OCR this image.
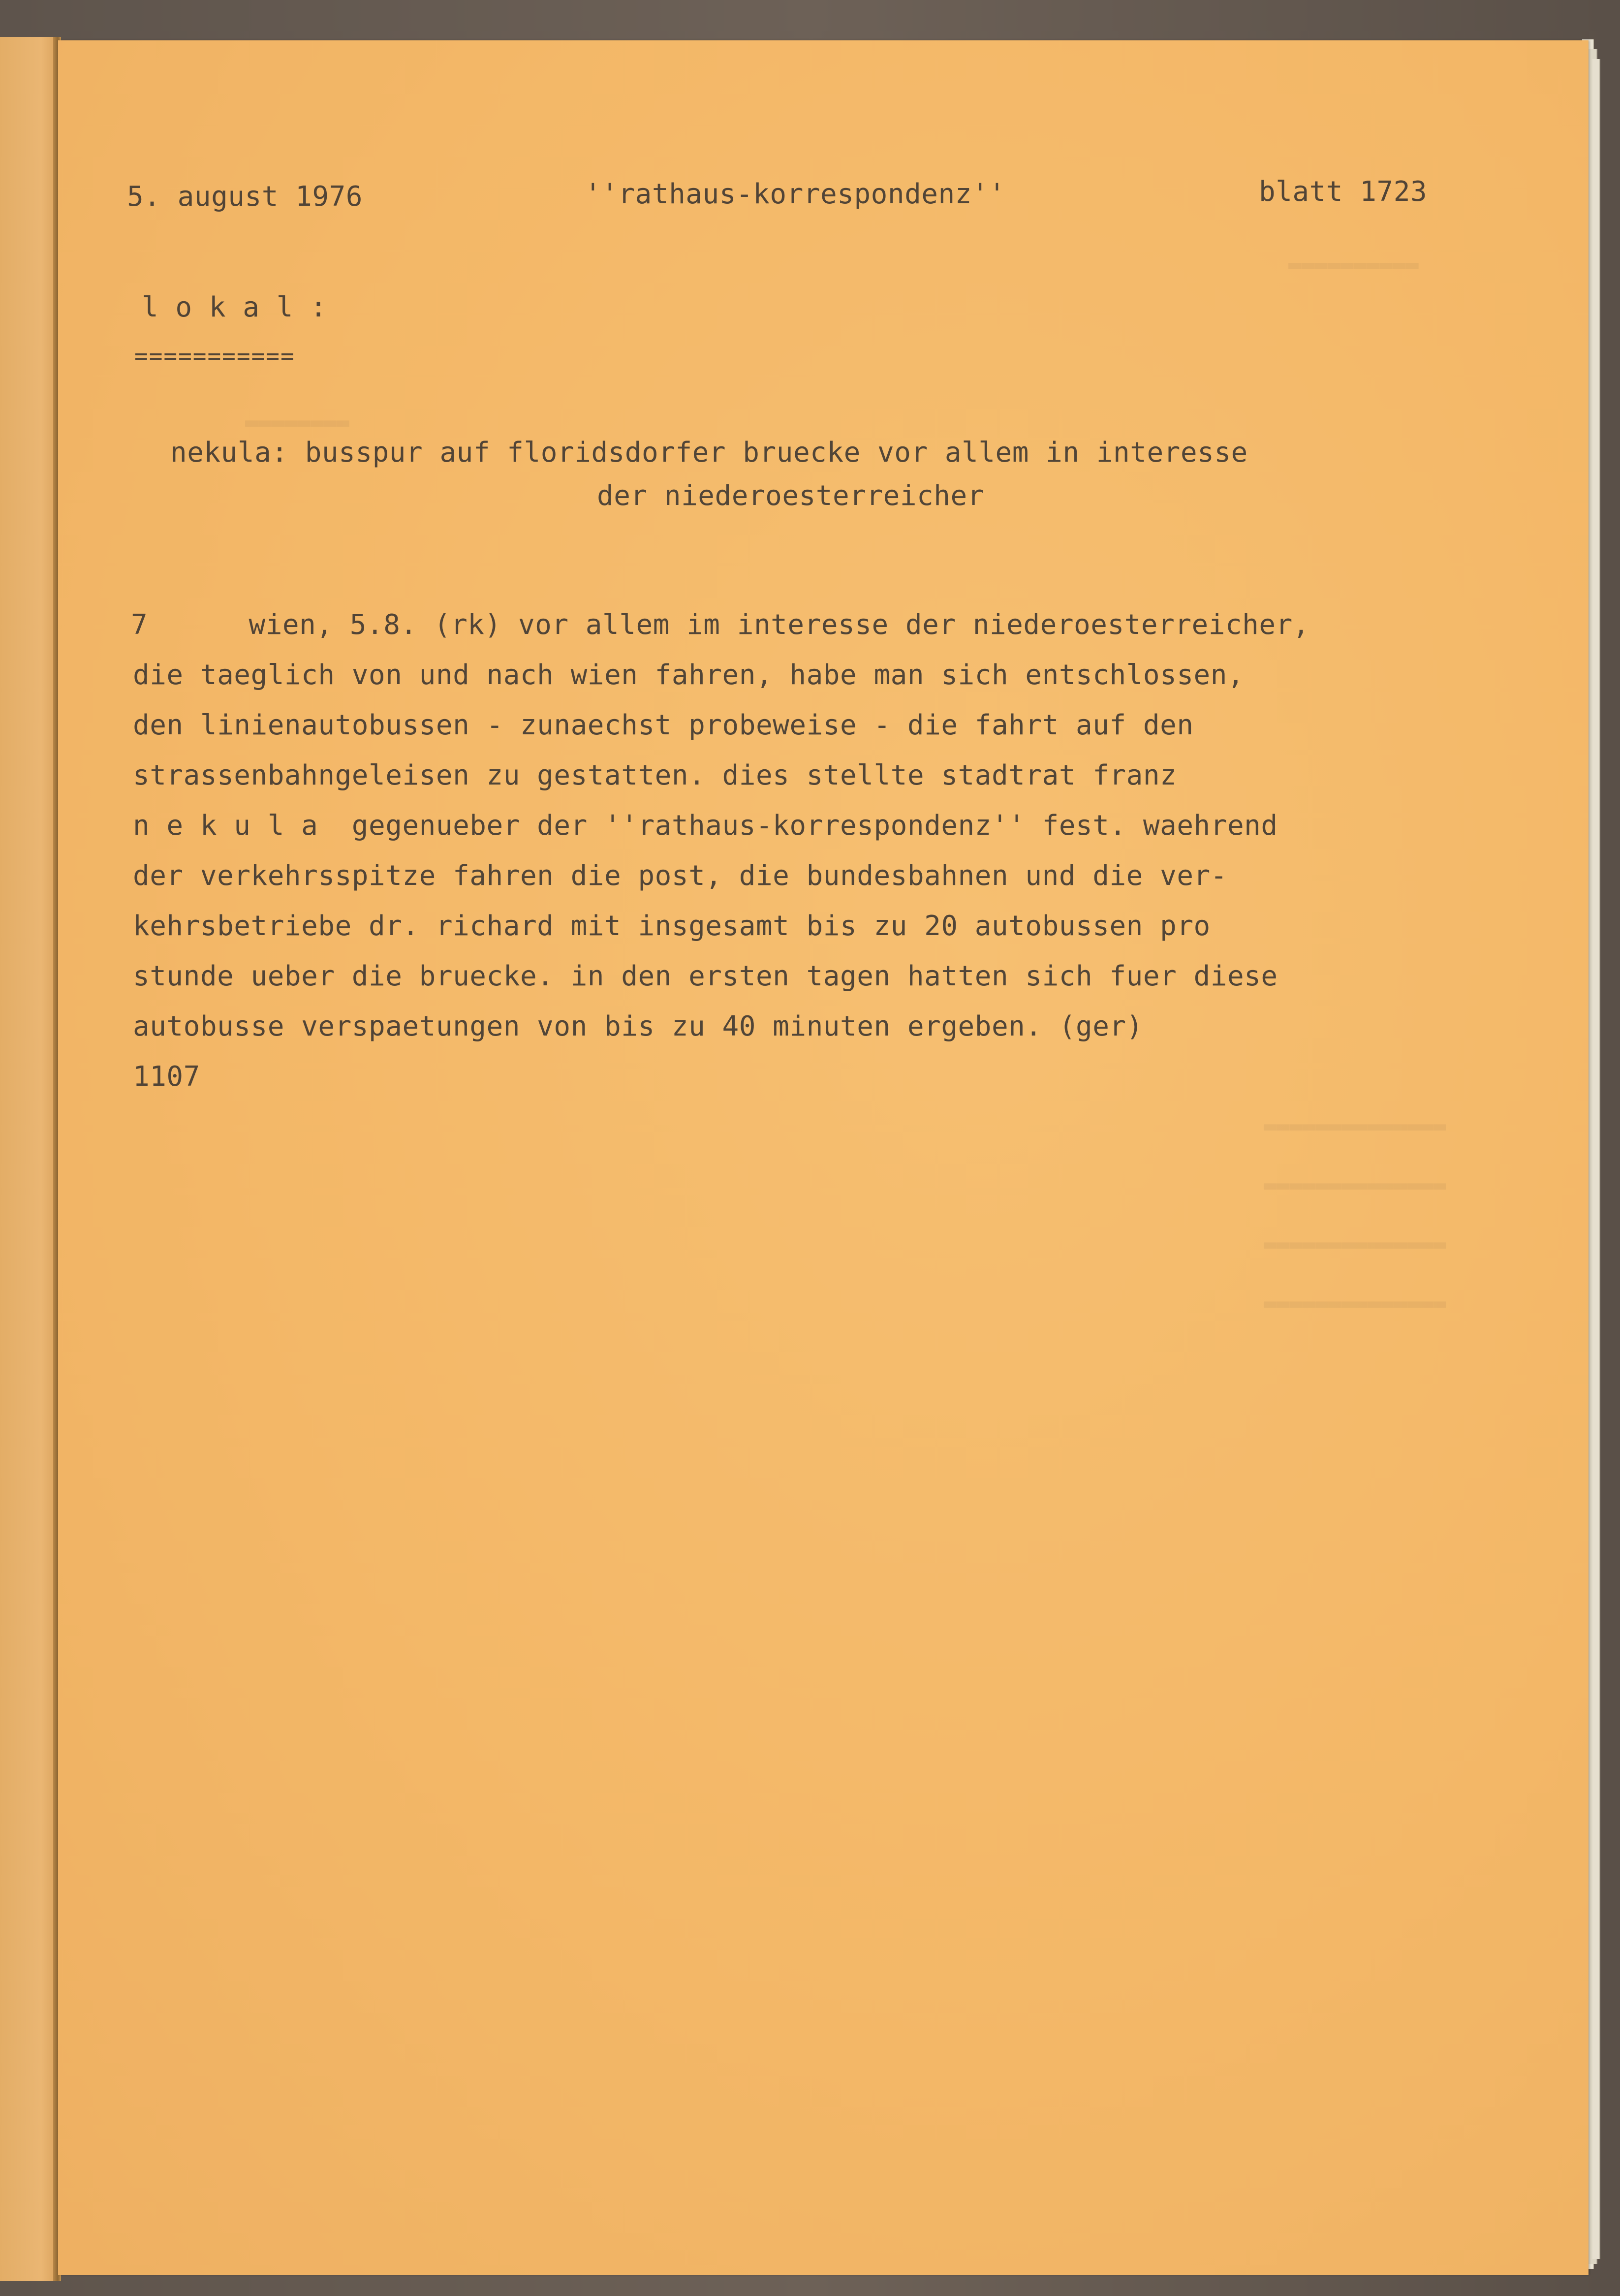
5. august 1976	''rathaus-korrespondenz''	blatt 1723

l o k a l :

===========

nekula: busspur auf floridsdorfer bruecke vor allem in interesse

der niederoesterreicher

7      wien, 5.8. (rk) vor allem im interesse der niederoesterreicher,

die taeglich von und nach wien fahren, habe man sich entschlossen,

den linienautobussen - zunaechst probeweise - die fahrt auf den

strassenbahngeleisen zu gestatten. dies stellte stadtrat franz

n e k u l a  gegenueber der ''rathaus-korrespondenz'' fest. waehrend

der verkehrsspitze fahren die post, die bundesbahnen und die ver-

kehrsbetriebe dr. richard mit insgesamt bis zu 20 autobussen pro

stunde ueber die bruecke. in den ersten tagen hatten sich fuer diese

autobusse verspaetungen von bis zu 40 minuten ergeben. (ger)

1107

▬▬▬▬▬▬▬▬▬▬
▬▬▬▬▬▬▬▬
▬▬▬▬▬▬▬▬▬▬▬▬▬▬
▬▬▬▬▬▬▬▬▬▬▬▬▬▬
▬▬▬▬▬▬▬▬▬▬▬▬▬▬
▬▬▬▬▬▬▬▬▬▬▬▬▬▬
